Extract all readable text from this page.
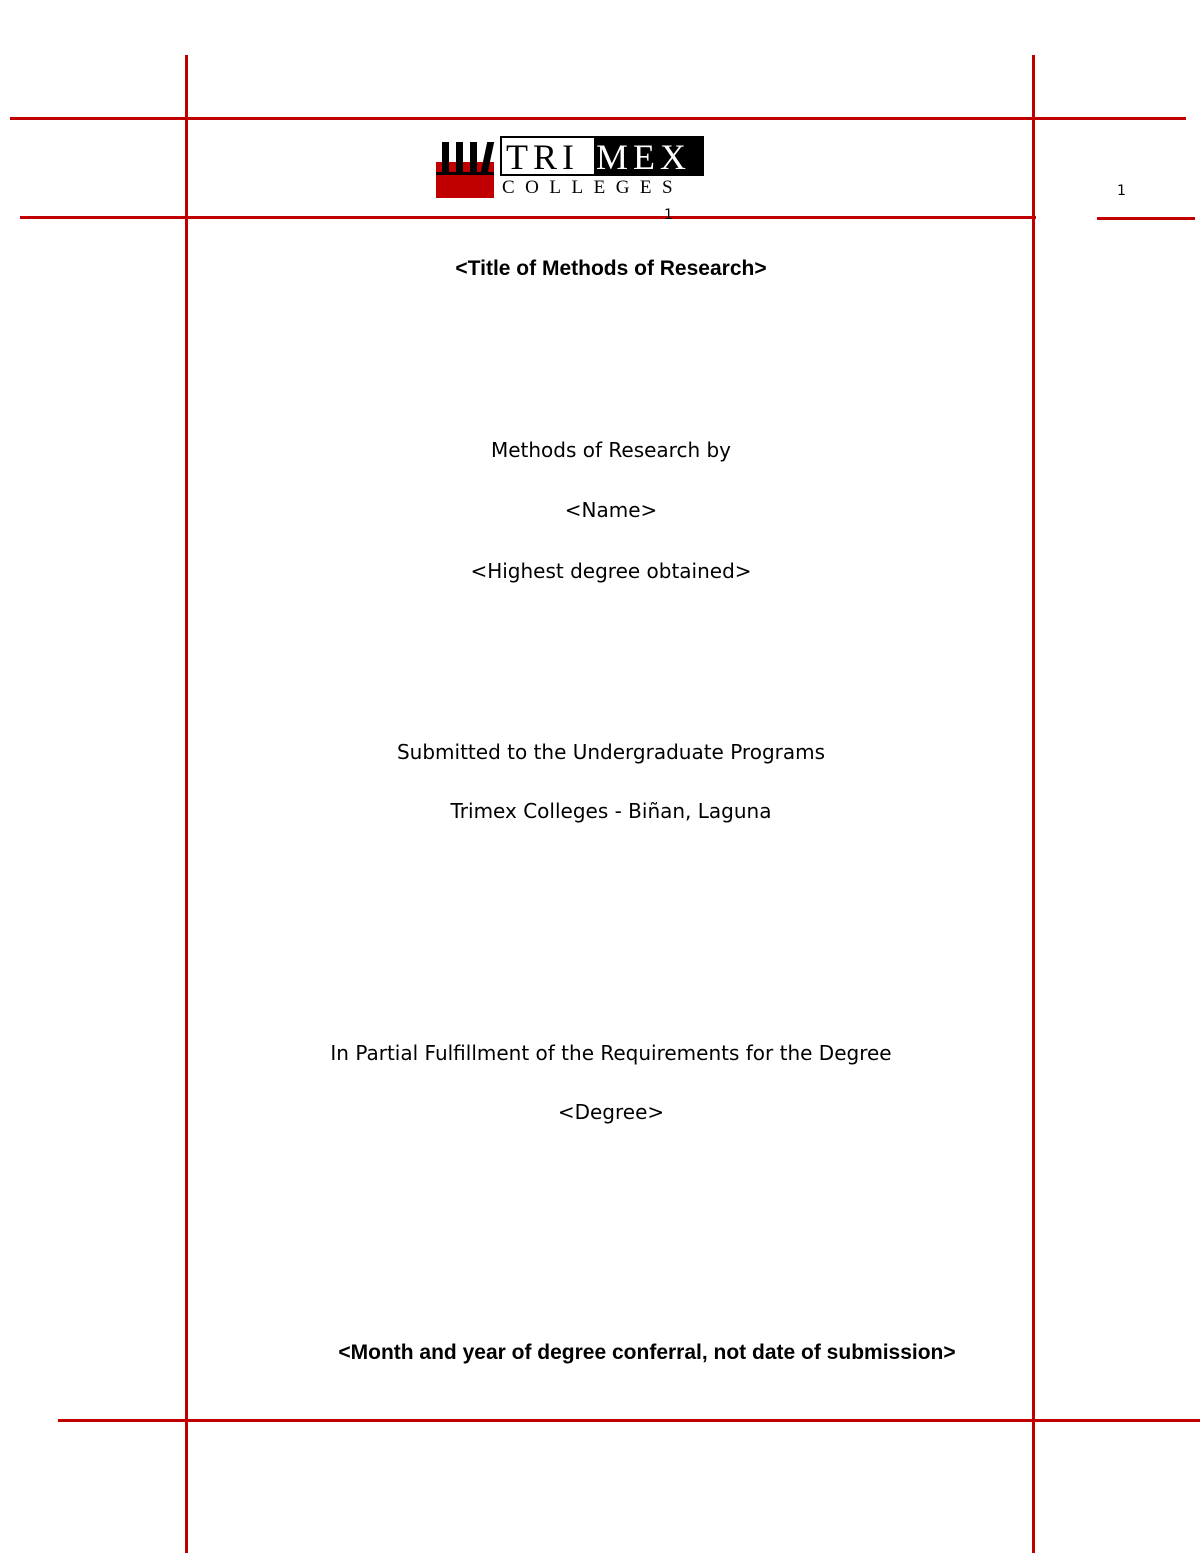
TRI MEX
COLLEGES
1
1
<Title of Methods of Research>
Methods of Research by
<Name>
<Highest degree obtained>
Submitted to the Undergraduate Programs
Trimex Colleges - Biñan, Laguna
In Partial Fulfillment of the Requirements for the Degree
<Degree>
<Month and year of degree conferral, not date of submission>
